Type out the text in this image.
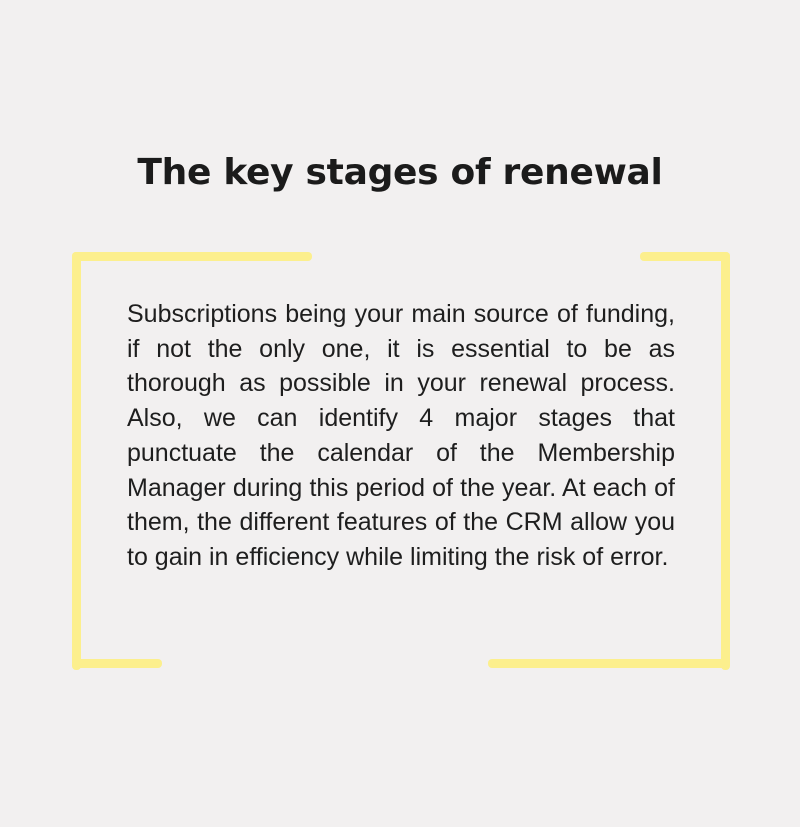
The key stages of renewal

Subscriptions being your main source of funding, if not the only one, it is essential to be as thorough as possible in your renewal process. Also, we can identify 4 major stages that punctuate the calendar of the Membership Manager during this period of the year. At each of them, the different features of the CRM allow you to gain in efficiency while limiting the risk of error.
